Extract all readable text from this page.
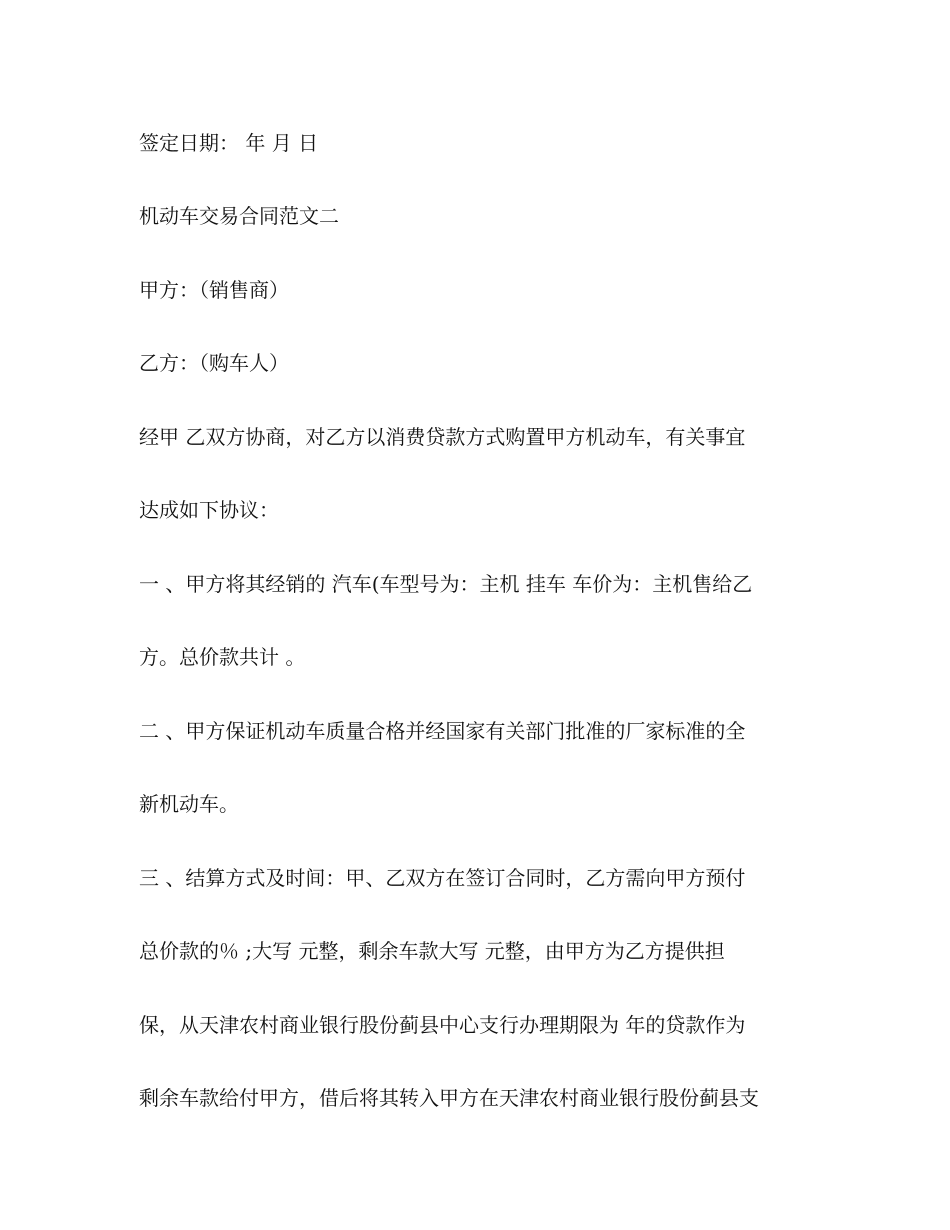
签定日期： 年 月 日

机动车交易合同范文二

甲方：（销售商）

乙方：（购车人）

经甲 乙双方协商，对乙方以消费贷款方式购置甲方机动车，有关事宜

达成如下协议：

一 、甲方将其经销的 汽车(车型号为：主机 挂车 车价为：主机售给乙

方。总价款共计 。

二 、甲方保证机动车质量合格并经国家有关部门批准的厂家标准的全

新机动车。

三 、结算方式及时间：甲、乙双方在签订合同时，乙方需向甲方预付

总价款的％ ;大写 元整，剩余车款大写 元整，由甲方为乙方提供担

保，从天津农村商业银行股份蓟县中心支行办理期限为 年的贷款作为

剩余车款给付甲方，借后将其转入甲方在天津农村商业银行股份蓟县支
